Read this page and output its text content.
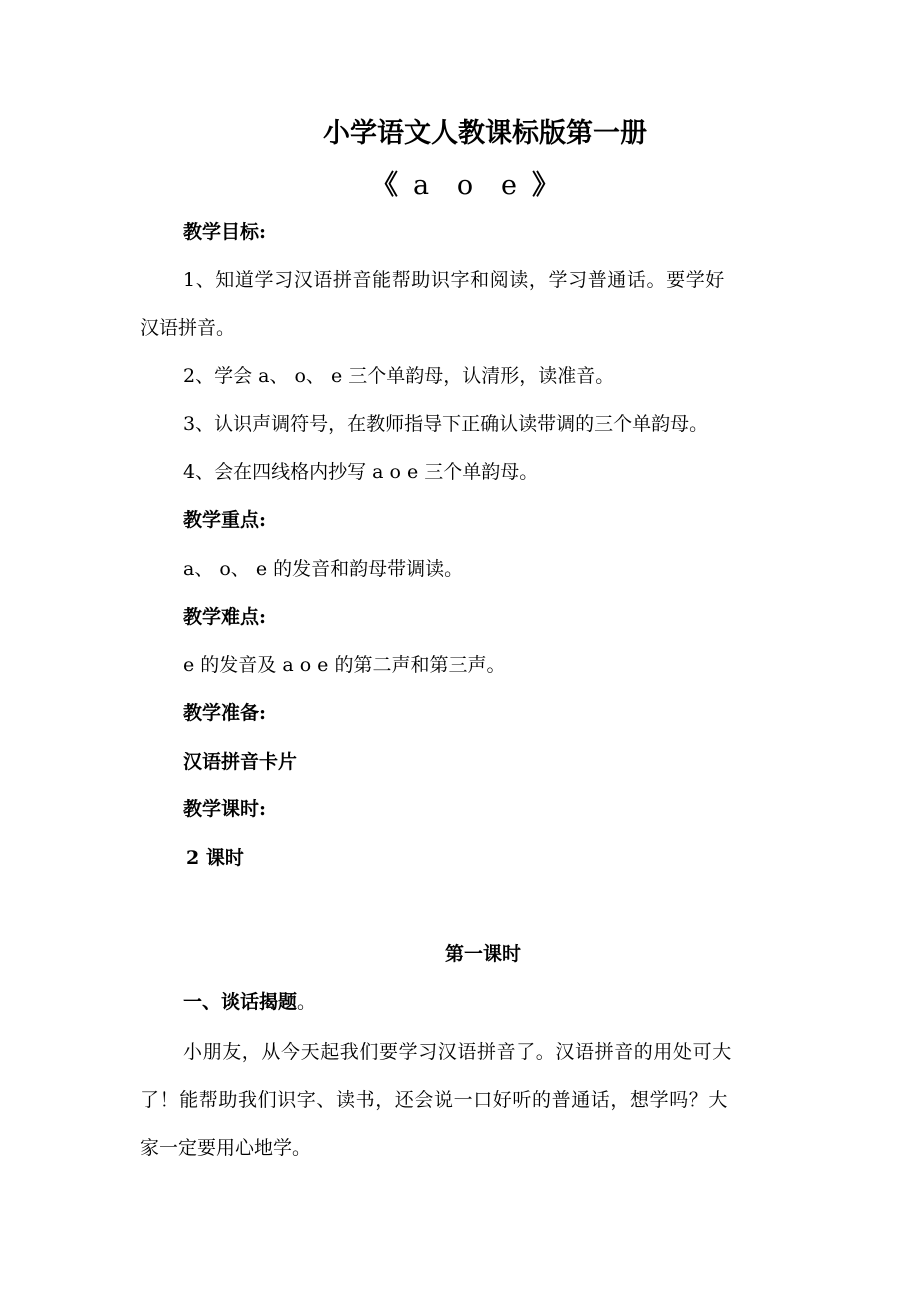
小学语文人教课标版第一册
《 a o e 》
教学目标:
1、知道学习汉语拼音能帮助识字和阅读，学习普通话。要学好
汉语拼音。
2、学会 a、 o、 e 三个单韵母，认清形，读准音。
3、认识声调符号，在教师指导下正确认读带调的三个单韵母。
4、会在四线格内抄写 a o e 三个单韵母。
教学重点:
a、 o、 e 的发音和韵母带调读。
教学难点:
e 的发音及 a o e 的第二声和第三声。
教学准备:
汉语拼音卡片
教学课时:
2 课时
第一课时
一、谈话揭题。
小朋友，从今天起我们要学习汉语拼音了。汉语拼音的用处可大
了！能帮助我们识字、读书，还会说一口好听的普通话，想学吗？大
家一定要用心地学。
